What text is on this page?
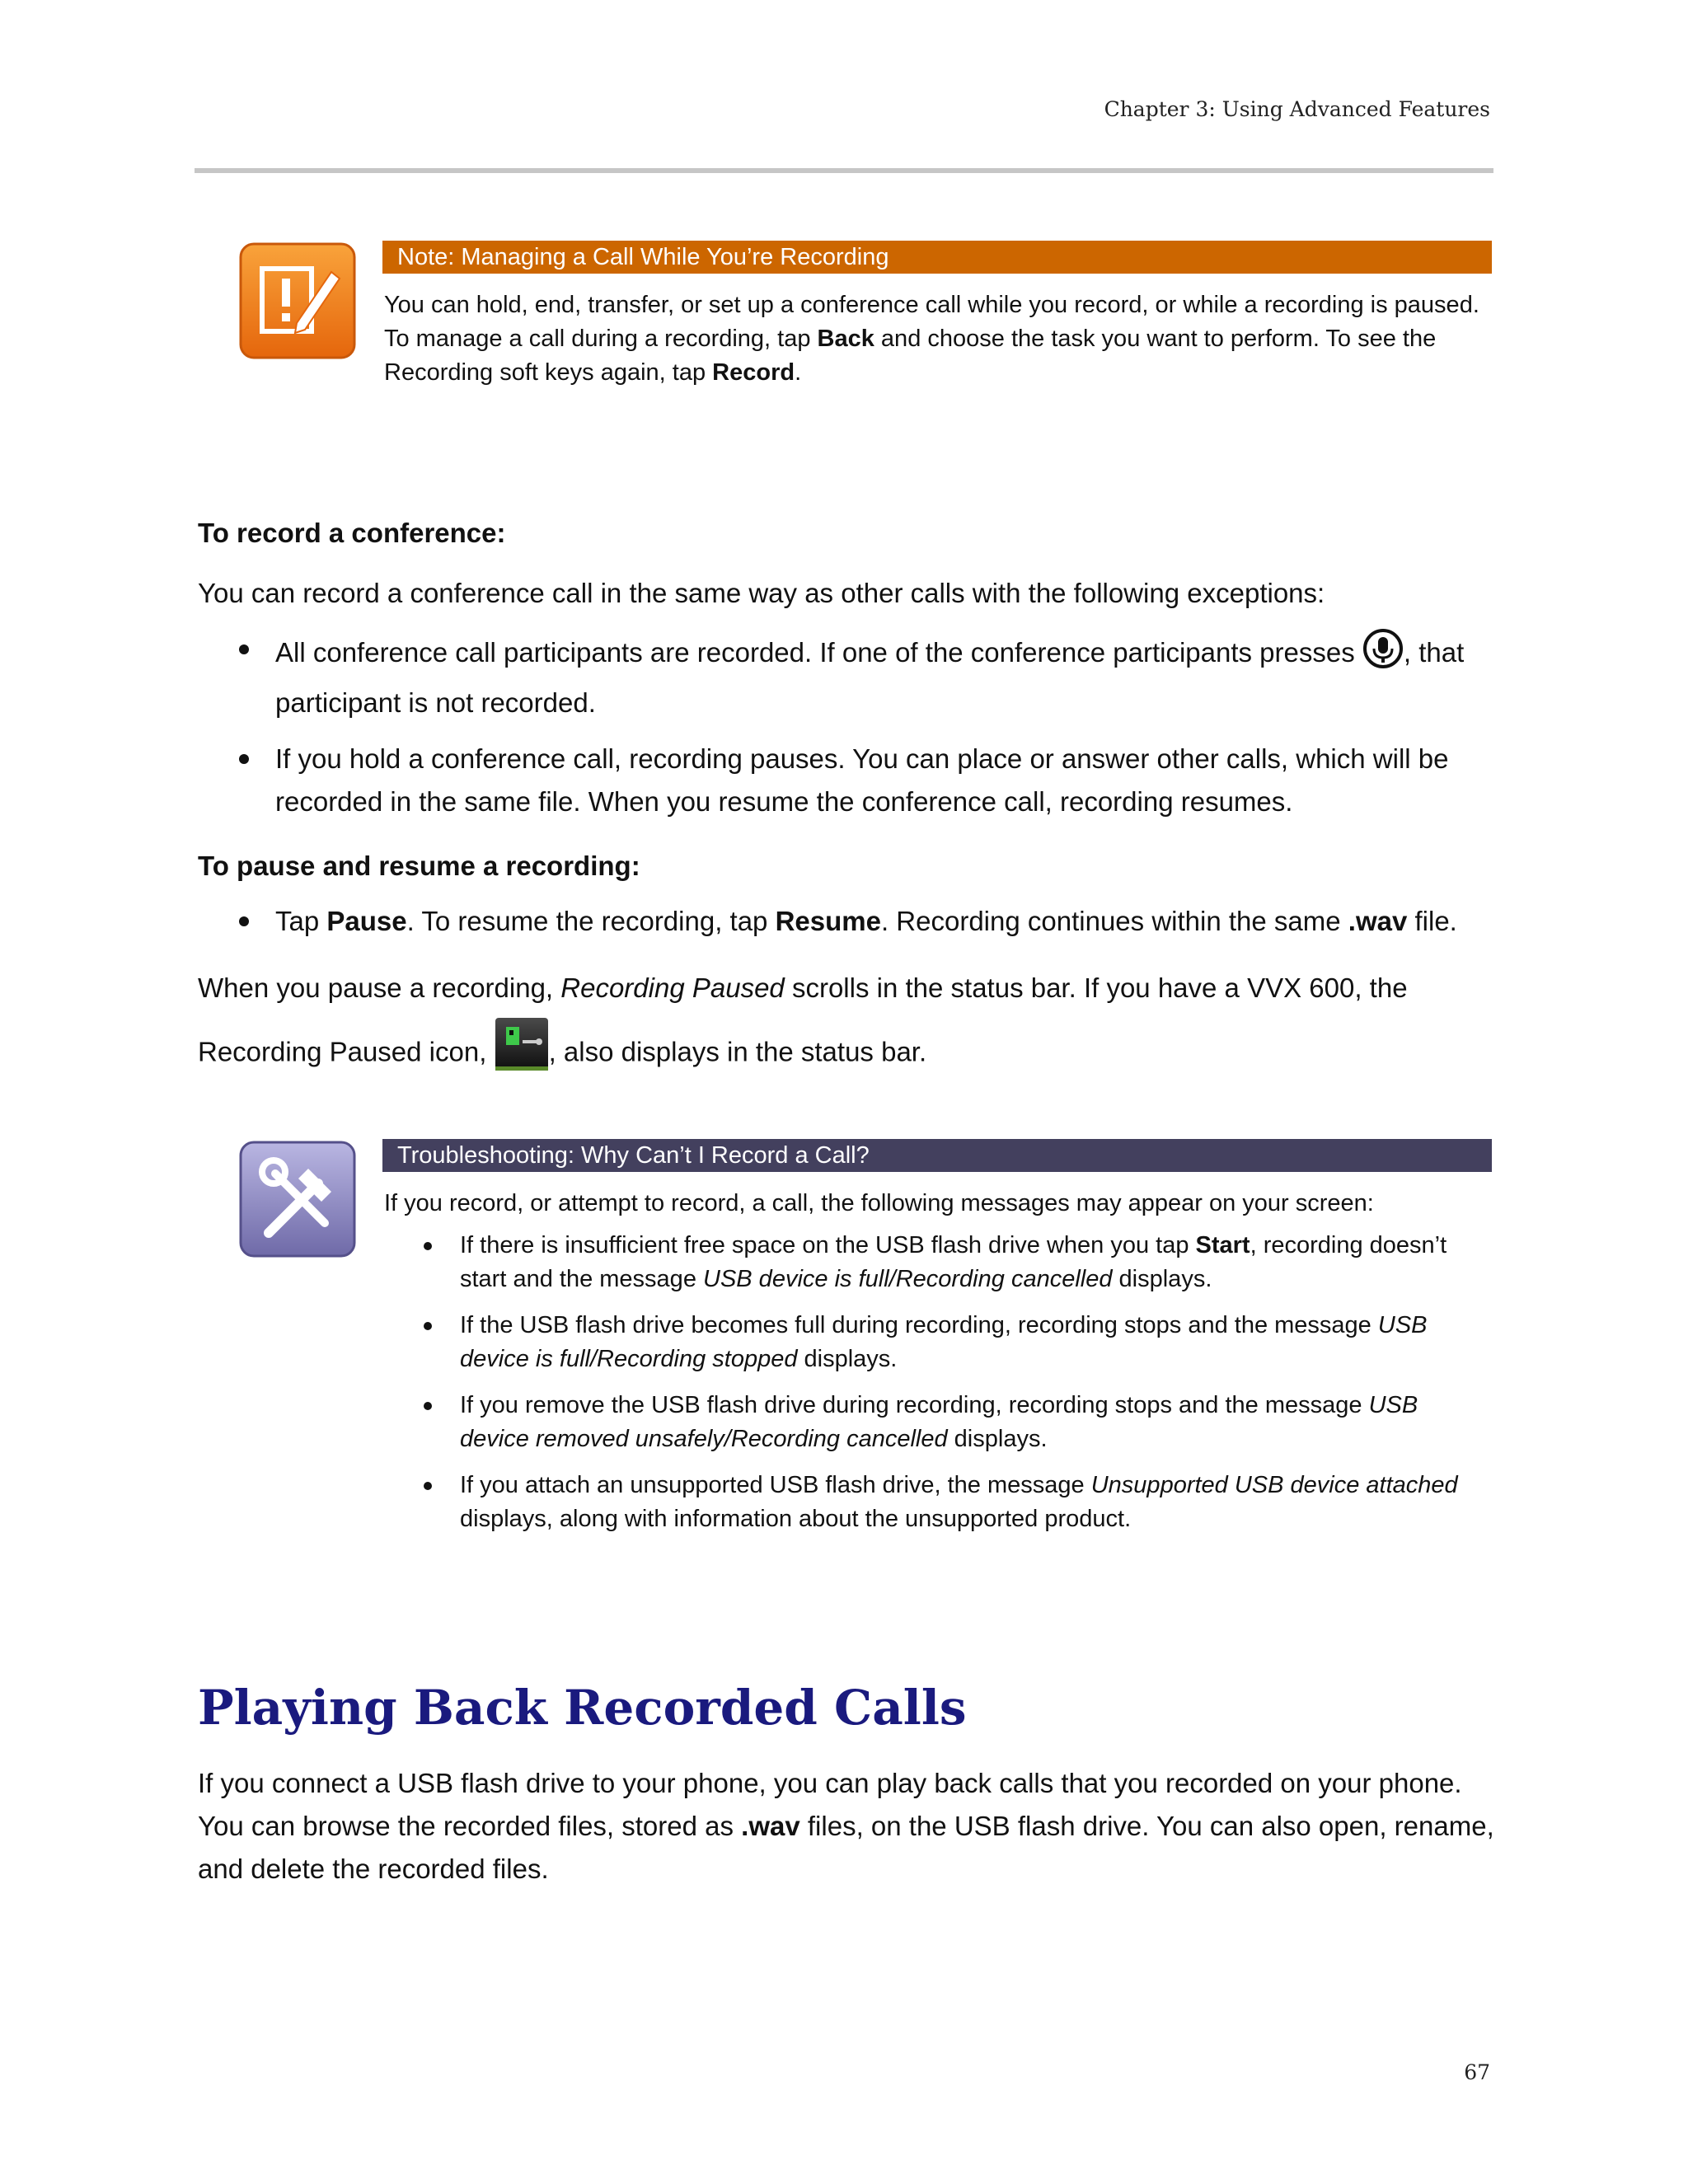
Chapter 3: Using Advanced Features
Note: Managing a Call While You’re Recording
You can hold, end, transfer, or set up a conference call while you record, or while a recording is paused. To manage a call during a recording, tap Back and choose the task you want to perform. To see the Recording soft keys again, tap Record.
To record a conference:
You can record a conference call in the same way as other calls with the following exceptions:
All conference call participants are recorded. If one of the conference participants presses , that participant is not recorded.
If you hold a conference call, recording pauses. You can place or answer other calls, which will be recorded in the same file. When you resume the conference call, recording resumes.
To pause and resume a recording:
Tap Pause. To resume the recording, tap Resume. Recording continues within the same .wav file.
When you pause a recording, Recording Paused scrolls in the status bar. If you have a VVX 600, the Recording Paused icon, , also displays in the status bar.
Troubleshooting: Why Can’t I Record a Call?
If you record, or attempt to record, a call, the following messages may appear on your screen:
If there is insufficient free space on the USB flash drive when you tap Start, recording doesn’t start and the message USB device is full/Recording cancelled displays.
If the USB flash drive becomes full during recording, recording stops and the message USB device is full/Recording stopped displays.
If you remove the USB flash drive during recording, recording stops and the message USB device removed unsafely/Recording cancelled displays.
If you attach an unsupported USB flash drive, the message Unsupported USB device attached displays, along with information about the unsupported product.
Playing Back Recorded Calls
If you connect a USB flash drive to your phone, you can play back calls that you recorded on your phone. You can browse the recorded files, stored as .wav files, on the USB flash drive. You can also open, rename, and delete the recorded files.
67
